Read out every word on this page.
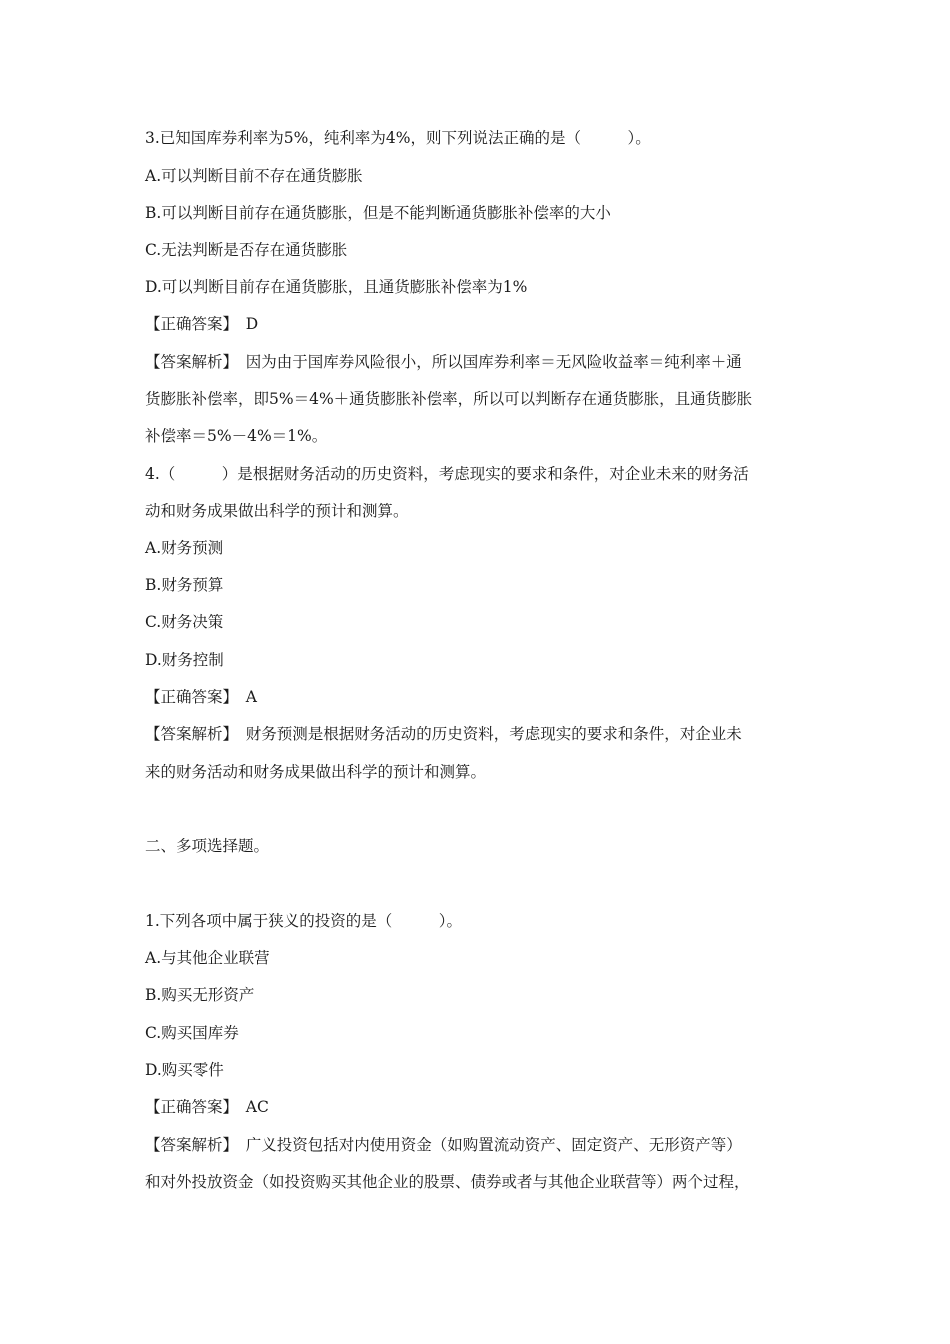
3.已知国库券利率为5%，纯利率为4%，则下列说法正确的是（　　　）。
A.可以判断目前不存在通货膨胀
B.可以判断目前存在通货膨胀，但是不能判断通货膨胀补偿率的大小
C.无法判断是否存在通货膨胀
D.可以判断目前存在通货膨胀，且通货膨胀补偿率为1%
【正确答案】　D
【答案解析】　因为由于国库券风险很小，所以国库券利率＝无风险收益率＝纯利率＋通
货膨胀补偿率，即5%＝4%＋通货膨胀补偿率，所以可以判断存在通货膨胀，且通货膨胀
补偿率＝5%－4%＝1%。
4.（　　　）是根据财务活动的历史资料，考虑现实的要求和条件，对企业未来的财务活
动和财务成果做出科学的预计和测算。
A.财务预测
B.财务预算
C.财务决策
D.财务控制
【正确答案】　A
【答案解析】　财务预测是根据财务活动的历史资料，考虑现实的要求和条件，对企业未
来的财务活动和财务成果做出科学的预计和测算。
二、多项选择题。
1.下列各项中属于狭义的投资的是（　　　）。
A.与其他企业联营
B.购买无形资产
C.购买国库券
D.购买零件
【正确答案】　AC
【答案解析】　广义投资包括对内使用资金（如购置流动资产、固定资产、无形资产等）
和对外投放资金（如投资购买其他企业的股票、债券或者与其他企业联营等）两个过程，
